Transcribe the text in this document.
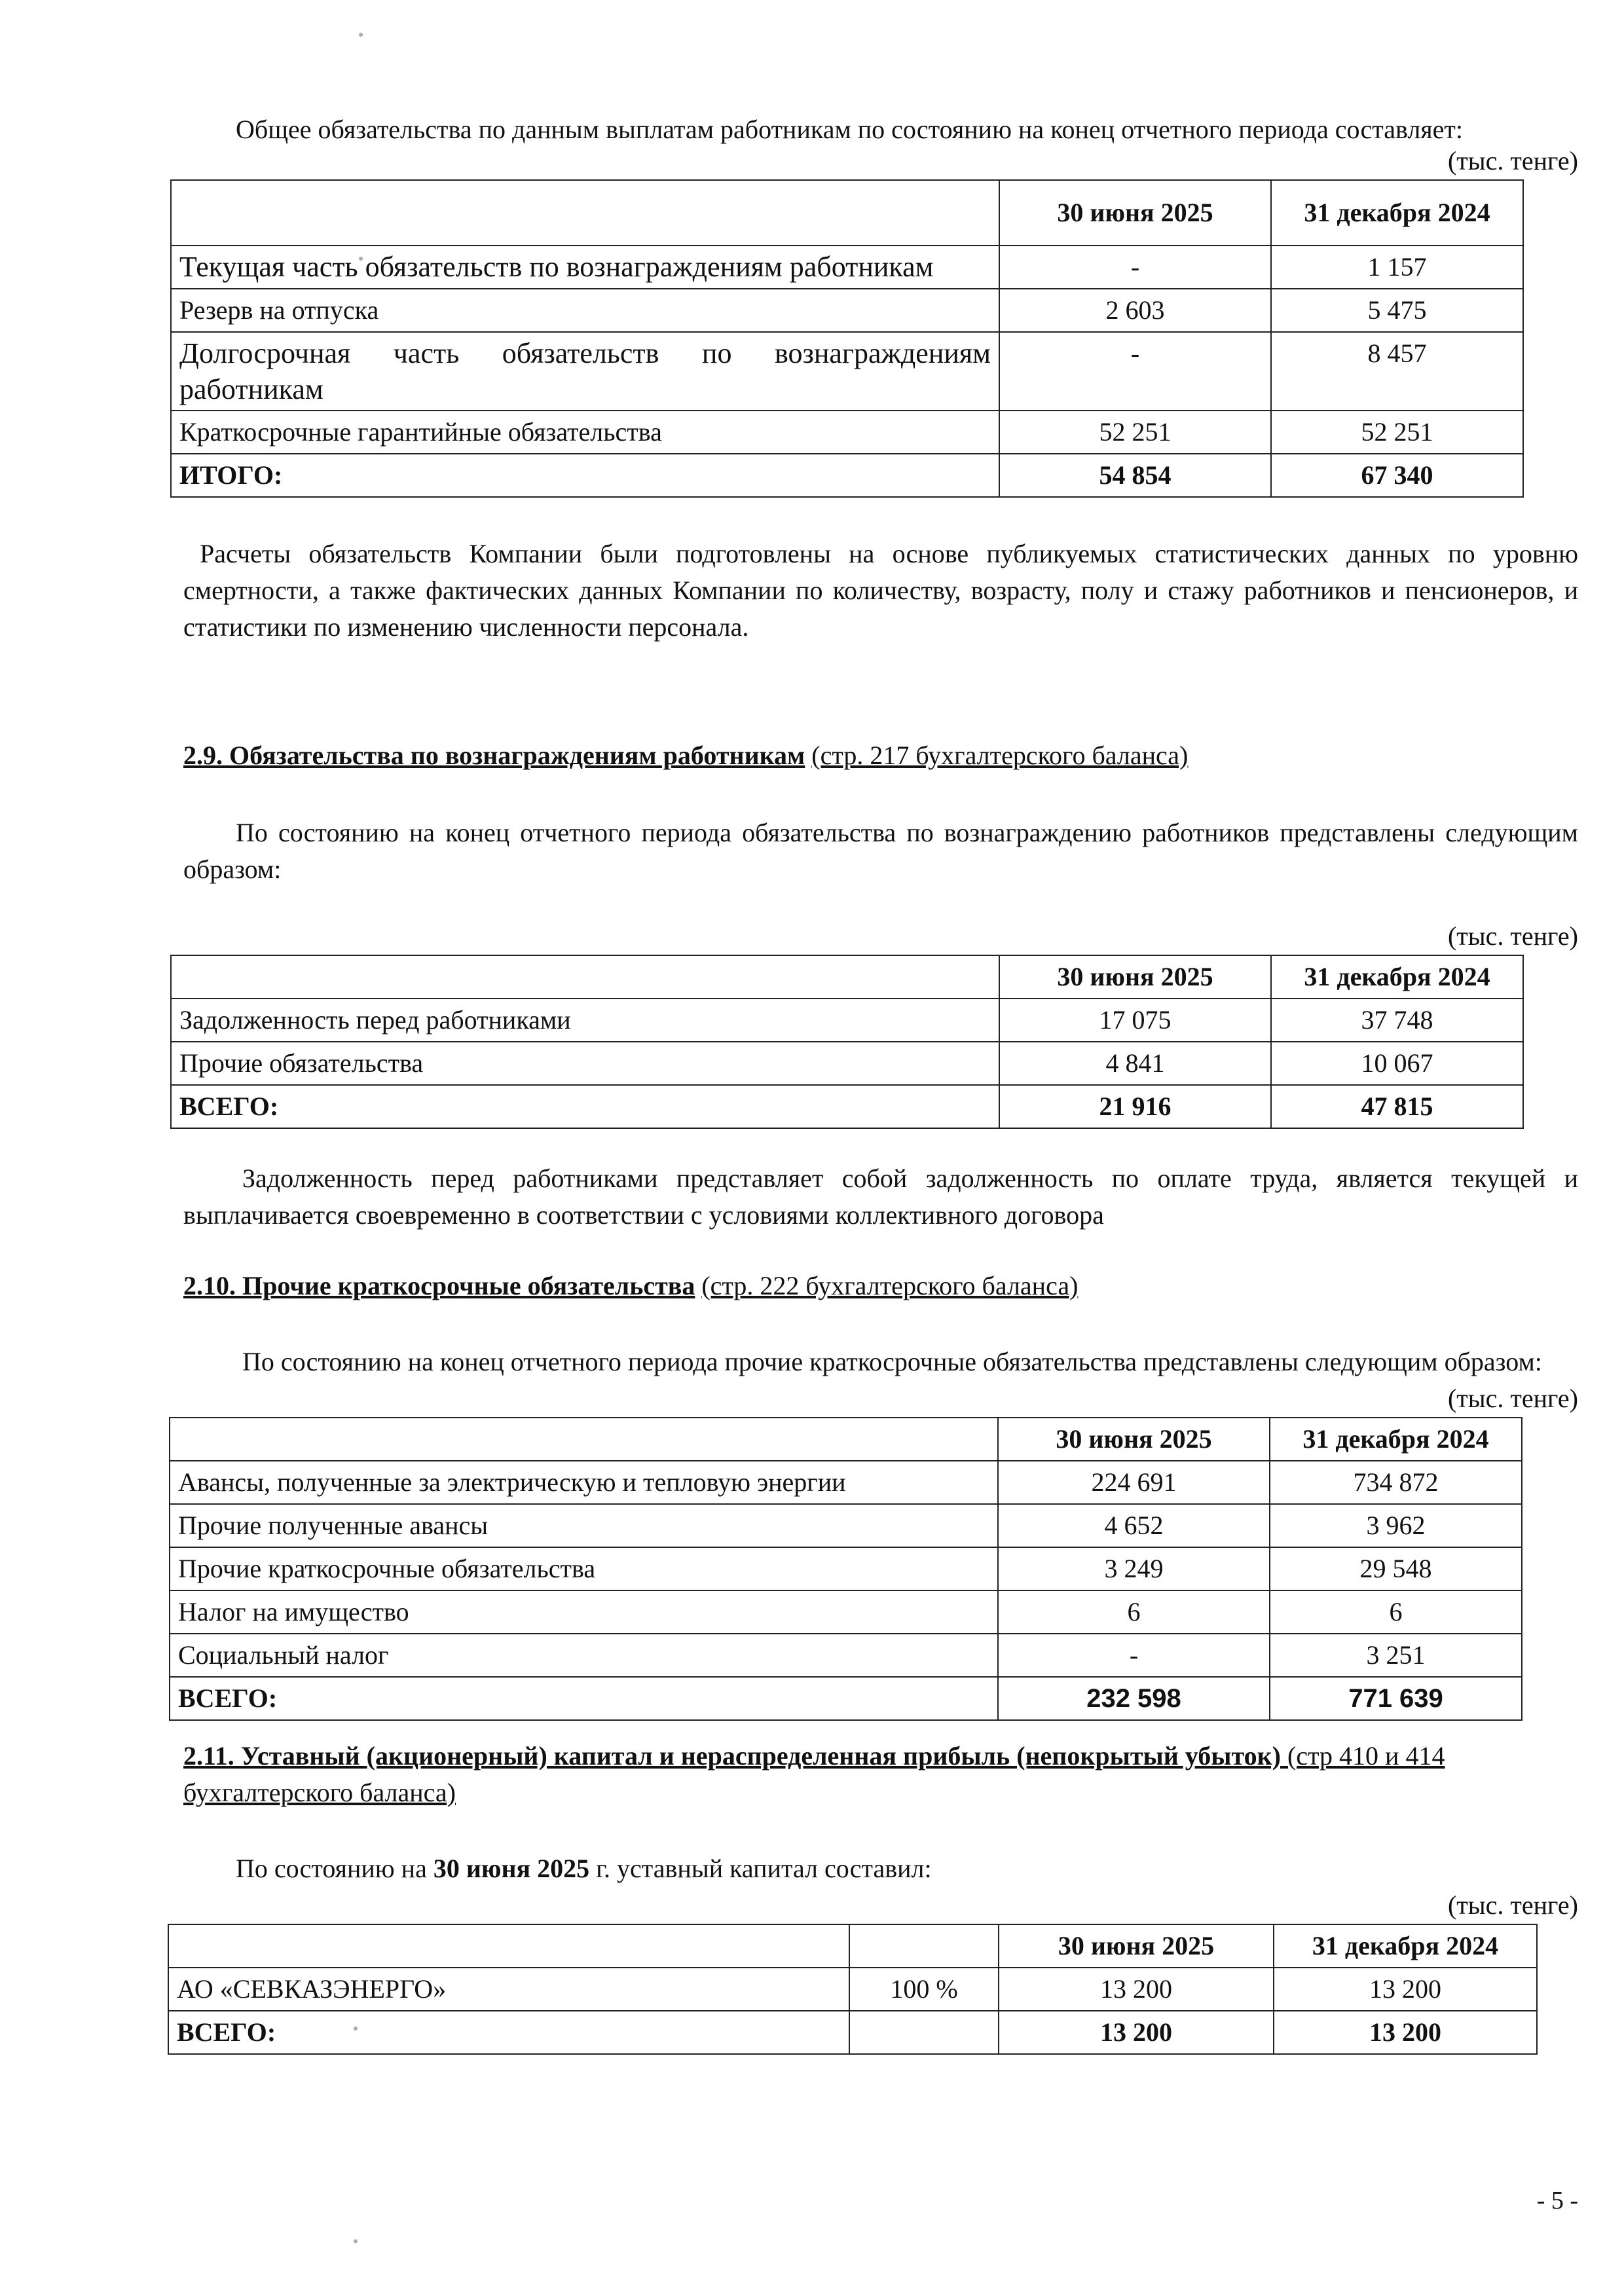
Общее обязательства по данным выплатам работникам по состоянию на конец отчетного периода составляет:

(тыс. тенге)

	30 июня 2025	31 декабря 2024
Текущая часть обязательств по вознаграждениям работникам	-	1 157
Резерв на отпуска	2 603	5 475
Долгосрочная часть обязательств по вознаграждениям работникам	-	8 457
Краткосрочные гарантийные обязательства	52 251	52 251
ИТОГО:	54 854	67 340

Расчеты обязательств Компании были подготовлены на основе публикуемых статистических данных по уровню смертности, а также фактических данных Компании по количеству, возрасту, полу и стажу работников и пенсионеров, и статистики по изменению численности персонала.

2.9. Обязательства по вознаграждениям работникам (стр. 217 бухгалтерского баланса)

По состоянию на конец отчетного периода обязательства по вознаграждению работников представлены следующим образом:

(тыс. тенге)

	30 июня 2025	31 декабря 2024
Задолженность перед работниками	17 075	37 748
Прочие обязательства	4 841	10 067
ВСЕГО:	21 916	47 815

Задолженность перед работниками представляет собой задолженность по оплате труда, является текущей и выплачивается своевременно в соответствии с условиями коллективного договора

2.10. Прочие краткосрочные обязательства (стр. 222 бухгалтерского баланса)

По состоянию на конец отчетного периода прочие краткосрочные обязательства представлены следующим образом:

(тыс. тенге)

	30 июня 2025	31 декабря 2024
Авансы, полученные за электрическую и тепловую энергии	224 691	734 872
Прочие полученные авансы	4 652	3 962
Прочие краткосрочные обязательства	3 249	29 548
Налог на имущество	6	6
Социальный налог	-	3 251
ВСЕГО:	232 598	771 639

2.11. Уставный (акционерный) капитал и нераспределенная прибыль (непокрытый убыток) (стр 410 и 414 бухгалтерского баланса)

По состоянию на 30 июня 2025 г. уставный капитал составил:

(тыс. тенге)

		30 июня 2025	31 декабря 2024
АО «СЕВКАЗЭНЕРГО»	100 %	13 200	13 200
ВСЕГО:		13 200	13 200
- 5 -
